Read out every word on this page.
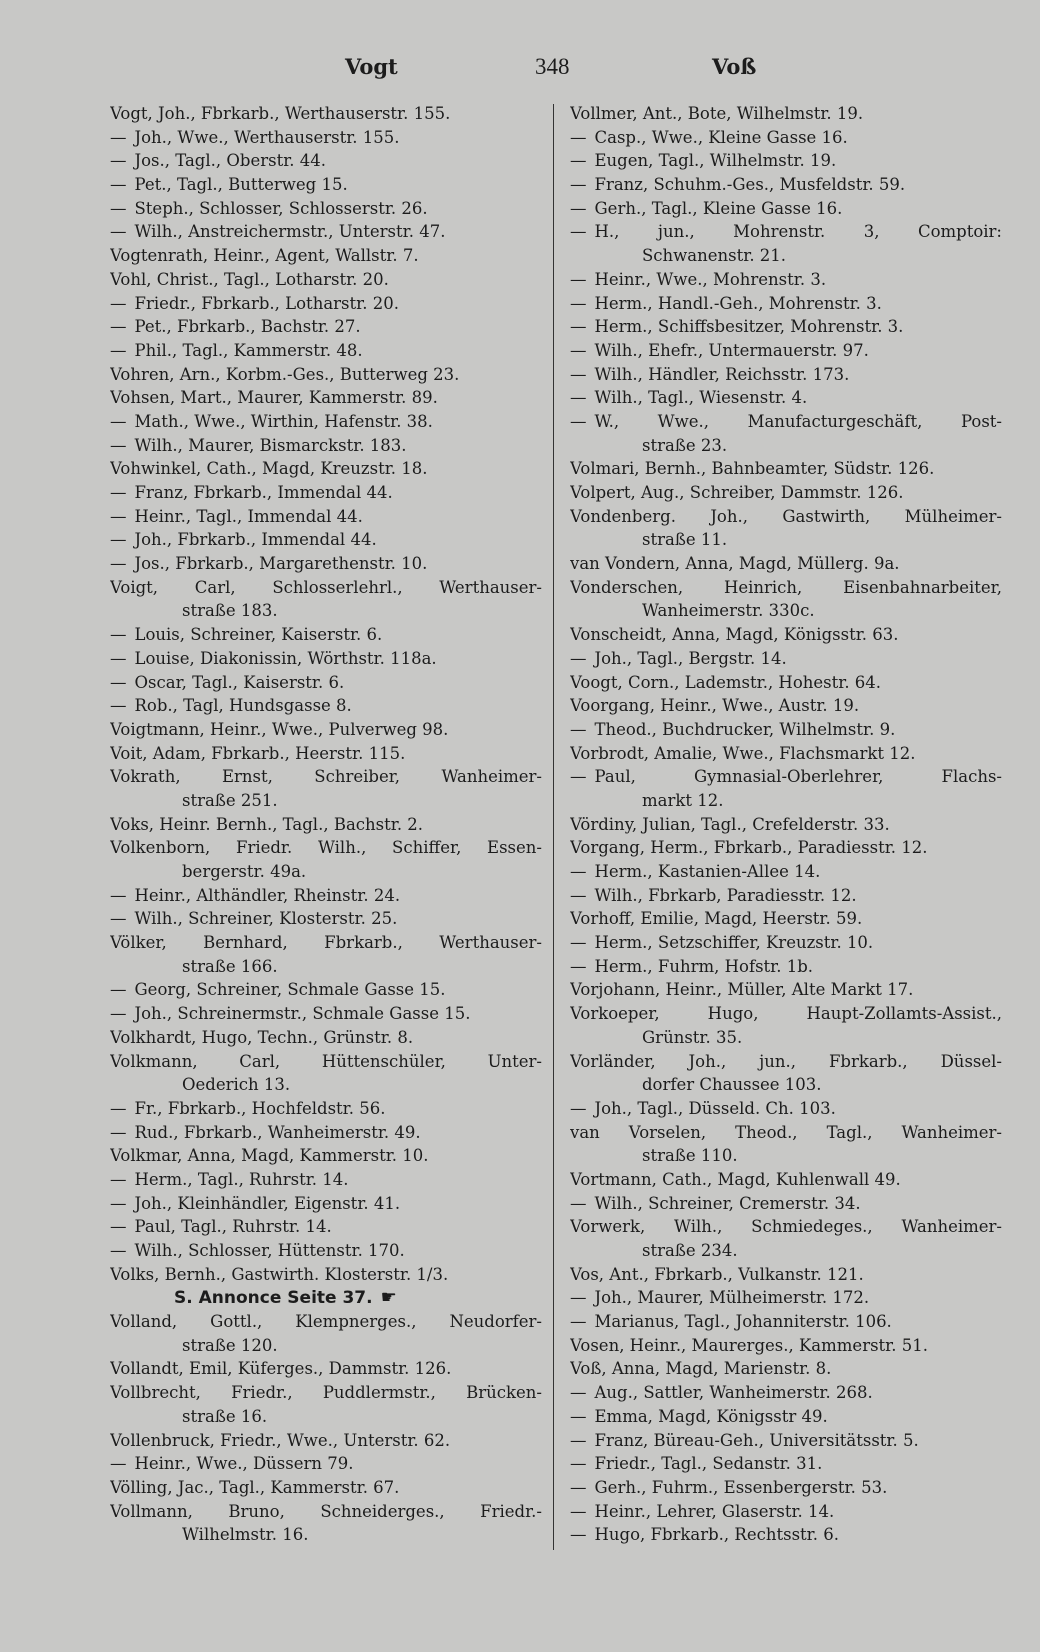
Vogt	348	Voß
Vogt, Joh., Fbrkarb., Werthauserstr. 155.
— Joh., Wwe., Werthauserstr. 155.
— Jos., Tagl., Oberstr. 44.
— Pet., Tagl., Butterweg 15.
— Steph., Schlosser, Schlosserstr. 26.
— Wilh., Anstreichermstr., Unterstr. 47.
Vogtenrath, Heinr., Agent, Wallstr. 7.
Vohl, Christ., Tagl., Lotharstr. 20.
— Friedr., Fbrkarb., Lotharstr. 20.
— Pet., Fbrkarb., Bachstr. 27.
— Phil., Tagl., Kammerstr. 48.
Vohren, Arn., Korbm.-Ges., Butterweg 23.
Vohsen, Mart., Maurer, Kammerstr. 89.
— Math., Wwe., Wirthin, Hafenstr. 38.
— Wilh., Maurer, Bismarckstr. 183.
Vohwinkel, Cath., Magd, Kreuzstr. 18.
— Franz, Fbrkarb., Immendal 44.
— Heinr., Tagl., Immendal 44.
— Joh., Fbrkarb., Immendal 44.
— Jos., Fbrkarb., Margarethenstr. 10.
Voigt, Carl, Schlosserlehrl., Werthauser-
straße 183.
— Louis, Schreiner, Kaiserstr. 6.
— Louise, Diakonissin, Wörthstr. 118a.
— Oscar, Tagl., Kaiserstr. 6.
— Rob., Tagl, Hundsgasse 8.
Voigtmann, Heinr., Wwe., Pulverweg 98.
Voit, Adam, Fbrkarb., Heerstr. 115.
Vokrath, Ernst, Schreiber, Wanheimer-
straße 251.
Voks, Heinr. Bernh., Tagl., Bachstr. 2.
Volkenborn, Friedr. Wilh., Schiffer, Essen-
bergerstr. 49a.
— Heinr., Althändler, Rheinstr. 24.
— Wilh., Schreiner, Klosterstr. 25.
Völker, Bernhard, Fbrkarb., Werthauser-
straße 166.
— Georg, Schreiner, Schmale Gasse 15.
— Joh., Schreinermstr., Schmale Gasse 15.
Volkhardt, Hugo, Techn., Grünstr. 8.
Volkmann, Carl, Hüttenschüler, Unter-
Oederich 13.
— Fr., Fbrkarb., Hochfeldstr. 56.
— Rud., Fbrkarb., Wanheimerstr. 49.
Volkmar, Anna, Magd, Kammerstr. 10.
— Herm., Tagl., Ruhrstr. 14.
— Joh., Kleinhändler, Eigenstr. 41.
— Paul, Tagl., Ruhrstr. 14.
— Wilh., Schlosser, Hüttenstr. 170.
Volks, Bernh., Gastwirth. Klosterstr. 1/3.
S. Annonce Seite 37. ☛
Volland, Gottl., Klempnerges., Neudorfer-
straße 120.
Vollandt, Emil, Küferges., Dammstr. 126.
Vollbrecht, Friedr., Puddlermstr., Brücken-
straße 16.
Vollenbruck, Friedr., Wwe., Unterstr. 62.
— Heinr., Wwe., Düssern 79.
Völling, Jac., Tagl., Kammerstr. 67.
Vollmann, Bruno, Schneiderges., Friedr.-
Wilhelmstr. 16.
Vollmer, Ant., Bote, Wilhelmstr. 19.
— Casp., Wwe., Kleine Gasse 16.
— Eugen, Tagl., Wilhelmstr. 19.
— Franz, Schuhm.-Ges., Musfeldstr. 59.
— Gerh., Tagl., Kleine Gasse 16.
— H., jun., Mohrenstr. 3, Comptoir:
Schwanenstr. 21.
— Heinr., Wwe., Mohrenstr. 3.
— Herm., Handl.-Geh., Mohrenstr. 3.
— Herm., Schiffsbesitzer, Mohrenstr. 3.
— Wilh., Ehefr., Untermauerstr. 97.
— Wilh., Händler, Reichsstr. 173.
— Wilh., Tagl., Wiesenstr. 4.
— W., Wwe., Manufacturgeschäft, Post-
straße 23.
Volmari, Bernh., Bahnbeamter, Südstr. 126.
Volpert, Aug., Schreiber, Dammstr. 126.
Vondenberg. Joh., Gastwirth, Mülheimer-
straße 11.
van Vondern, Anna, Magd, Müllerg. 9a.
Vonderschen, Heinrich, Eisenbahnarbeiter,
Wanheimerstr. 330c.
Vonscheidt, Anna, Magd, Königsstr. 63.
— Joh., Tagl., Bergstr. 14.
Voogt, Corn., Lademstr., Hohestr. 64.
Voorgang, Heinr., Wwe., Austr. 19.
— Theod., Buchdrucker, Wilhelmstr. 9.
Vorbrodt, Amalie, Wwe., Flachsmarkt 12.
— Paul, Gymnasial-Oberlehrer, Flachs-
markt 12.
Vördiny, Julian, Tagl., Crefelderstr. 33.
Vorgang, Herm., Fbrkarb., Paradiesstr. 12.
— Herm., Kastanien-Allee 14.
— Wilh., Fbrkarb, Paradiesstr. 12.
Vorhoff, Emilie, Magd, Heerstr. 59.
— Herm., Setzschiffer, Kreuzstr. 10.
— Herm., Fuhrm, Hofstr. 1b.
Vorjohann, Heinr., Müller, Alte Markt 17.
Vorkoeper, Hugo, Haupt-Zollamts-Assist.,
Grünstr. 35.
Vorländer, Joh., jun., Fbrkarb., Düssel-
dorfer Chaussee 103.
— Joh., Tagl., Düsseld. Ch. 103.
van Vorselen, Theod., Tagl., Wanheimer-
straße 110.
Vortmann, Cath., Magd, Kuhlenwall 49.
— Wilh., Schreiner, Cremerstr. 34.
Vorwerk, Wilh., Schmiedeges., Wanheimer-
straße 234.
Vos, Ant., Fbrkarb., Vulkanstr. 121.
— Joh., Maurer, Mülheimerstr. 172.
— Marianus, Tagl., Johanniterstr. 106.
Vosen, Heinr., Maurerges., Kammerstr. 51.
Voß, Anna, Magd, Marienstr. 8.
— Aug., Sattler, Wanheimerstr. 268.
— Emma, Magd, Königsstr 49.
— Franz, Büreau-Geh., Universitätsstr. 5.
— Friedr., Tagl., Sedanstr. 31.
— Gerh., Fuhrm., Essenbergerstr. 53.
— Heinr., Lehrer, Glaserstr. 14.
— Hugo, Fbrkarb., Rechtsstr. 6.
